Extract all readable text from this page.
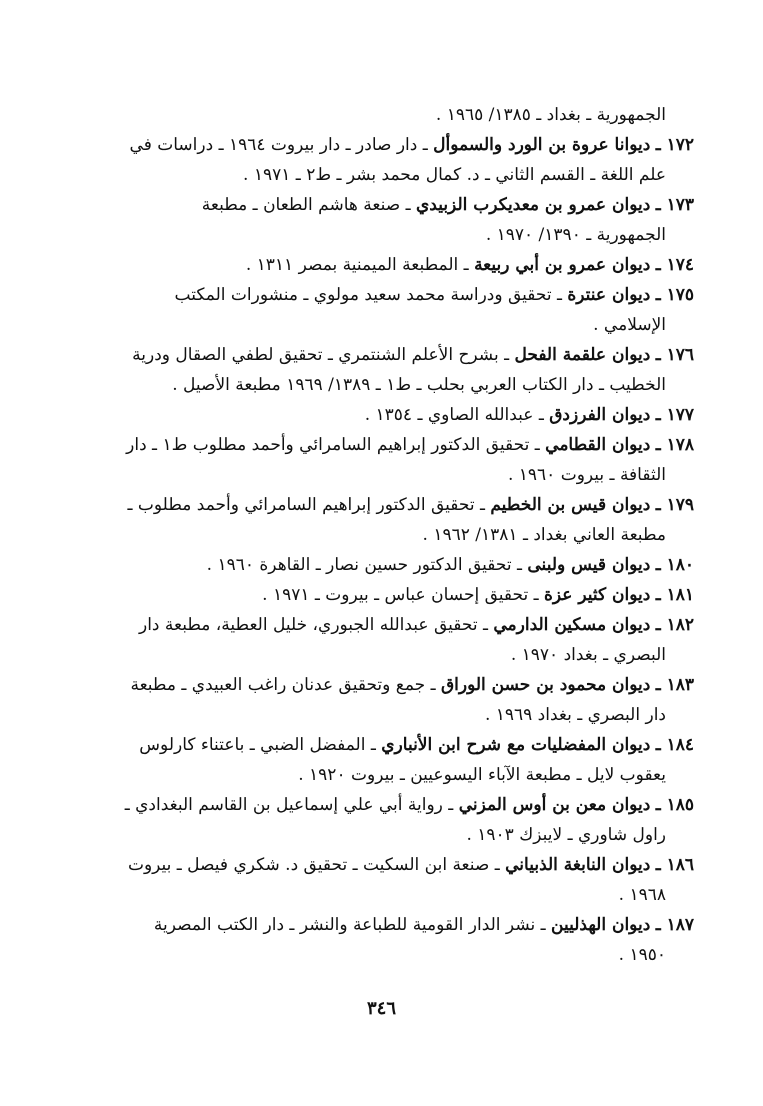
الجمهورية ـ بغداد ـ ١٣٨٥/ ١٩٦٥ .
١٧٢ ـ ديوانا عروة بن الورد والسموأل ـ دار صادر ـ دار بيروت ١٩٦٤ ـ دراسات في
علم اللغة ـ القسم الثاني ـ د. كمال محمد بشر ـ ط٢ ـ ١٩٧١ .
١٧٣ ـ ديوان عمرو بن معديكرب الزبيدي ـ صنعة هاشم الطعان ـ مطبعة
الجمهورية ـ ١٣٩٠/ ١٩٧٠ .
١٧٤ ـ ديوان عمرو بن أبي ربيعة ـ المطبعة الميمنية بمصر ١٣١١ .
١٧٥ ـ ديوان عنترة ـ تحقيق ودراسة محمد سعيد مولوي ـ منشورات المكتب
الإسلامي .
١٧٦ ـ ديوان علقمة الفحل ـ بشرح الأعلم الشنتمري ـ تحقيق لطفي الصقال ودرية
الخطيب ـ دار الكتاب العربي بحلب ـ ط١ ـ ١٣٨٩/ ١٩٦٩ مطبعة الأصيل .
١٧٧ ـ ديوان الفرزدق ـ عبدالله الصاوي ـ ١٣٥٤ .
١٧٨ ـ ديوان القطامي ـ تحقيق الدكتور إبراهيم السامرائي وأحمد مطلوب ط١ ـ دار
الثقافة ـ بيروت ١٩٦٠ .
١٧٩ ـ ديوان قيس بن الخطيم ـ تحقيق الدكتور إبراهيم السامرائي وأحمد مطلوب ـ
مطبعة العاني بغداد ـ ١٣٨١/ ١٩٦٢ .
١٨٠ ـ ديوان قيس ولبنى ـ تحقيق الدكتور حسين نصار ـ القاهرة ١٩٦٠ .
١٨١ ـ ديوان كثير عزة ـ تحقيق إحسان عباس ـ بيروت ـ ١٩٧١ .
١٨٢ ـ ديوان مسكين الدارمي ـ تحقيق عبدالله الجبوري، خليل العطية، مطبعة دار
البصري ـ بغداد ١٩٧٠ .
١٨٣ ـ ديوان محمود بن حسن الوراق ـ جمع وتحقيق عدنان راغب العبيدي ـ مطبعة
دار البصري ـ بغداد ١٩٦٩ .
١٨٤ ـ ديوان المفضليات مع شرح ابن الأنباري ـ المفضل الضبي ـ باعتناء كارلوس
يعقوب لايل ـ مطبعة الآباء اليسوعيين ـ بيروت ١٩٢٠ .
١٨٥ ـ ديوان معن بن أوس المزني ـ رواية أبي علي إسماعيل بن القاسم البغدادي ـ
راول شاوري ـ لايبزك ١٩٠٣ .
١٨٦ ـ ديوان النابغة الذبياني ـ صنعة ابن السكيت ـ تحقيق د. شكري فيصل ـ بيروت
١٩٦٨ .
١٨٧ ـ ديوان الهذليين ـ نشر الدار القومية للطباعة والنشر ـ دار الكتب المصرية
١٩٥٠ .
٣٤٦
